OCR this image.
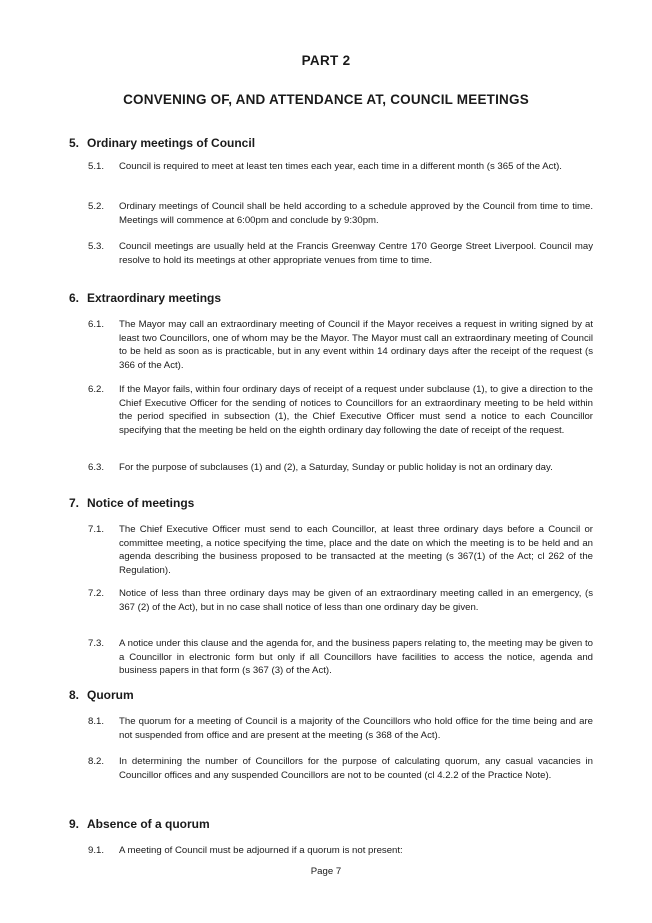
PART 2
CONVENING OF, AND ATTENDANCE AT, COUNCIL MEETINGS
5. Ordinary meetings of Council
5.1.	Council is required to meet at least ten times each year, each time in a different month (s 365 of the Act).
5.2.	Ordinary meetings of Council shall be held according to a schedule approved by the Council from time to time. Meetings will commence at 6:00pm and conclude by 9:30pm.
5.3.	Council meetings are usually held at the Francis Greenway Centre 170 George Street Liverpool. Council may resolve to hold its meetings at other appropriate venues from time to time.
6. Extraordinary meetings
6.1.	The Mayor may call an extraordinary meeting of Council if the Mayor receives a request in writing signed by at least two Councillors, one of whom may be the Mayor. The Mayor must call an extraordinary meeting of Council to be held as soon as is practicable, but in any event within 14 ordinary days after the receipt of the request (s 366 of the Act).
6.2.	If the Mayor fails, within four ordinary days of receipt of a request under subclause (1), to give a direction to the Chief Executive Officer for the sending of notices to Councillors for an extraordinary meeting to be held within the period specified in subsection (1), the Chief Executive Officer must send a notice to each Councillor specifying that the meeting be held on the eighth ordinary day following the date of receipt of the request.
6.3.	For the purpose of subclauses (1) and (2), a Saturday, Sunday or public holiday is not an ordinary day.
7. Notice of meetings
7.1.	The Chief Executive Officer must send to each Councillor, at least three ordinary days before a Council or committee meeting, a notice specifying the time, place and the date on which the meeting is to be held and an agenda describing the business proposed to be transacted at the meeting (s 367(1) of the Act; cl 262 of the Regulation).
7.2.	Notice of less than three ordinary days may be given of an extraordinary meeting called in an emergency, (s 367 (2) of the Act), but in no case shall notice of less than one ordinary day be given.
7.3.	A notice under this clause and the agenda for, and the business papers relating to, the meeting may be given to a Councillor in electronic form but only if all Councillors have facilities to access the notice, agenda and business papers in that form (s 367 (3) of the Act).
8. Quorum
8.1.	The quorum for a meeting of Council is a majority of the Councillors who hold office for the time being and are not suspended from office and are present at the meeting (s 368 of the Act).
8.2.	In determining the number of Councillors for the purpose of calculating quorum, any casual vacancies in Councillor offices and any suspended Councillors are not to be counted (cl 4.2.2 of the Practice Note).
9. Absence of a quorum
9.1.	A meeting of Council must be adjourned if a quorum is not present:
Page 7
